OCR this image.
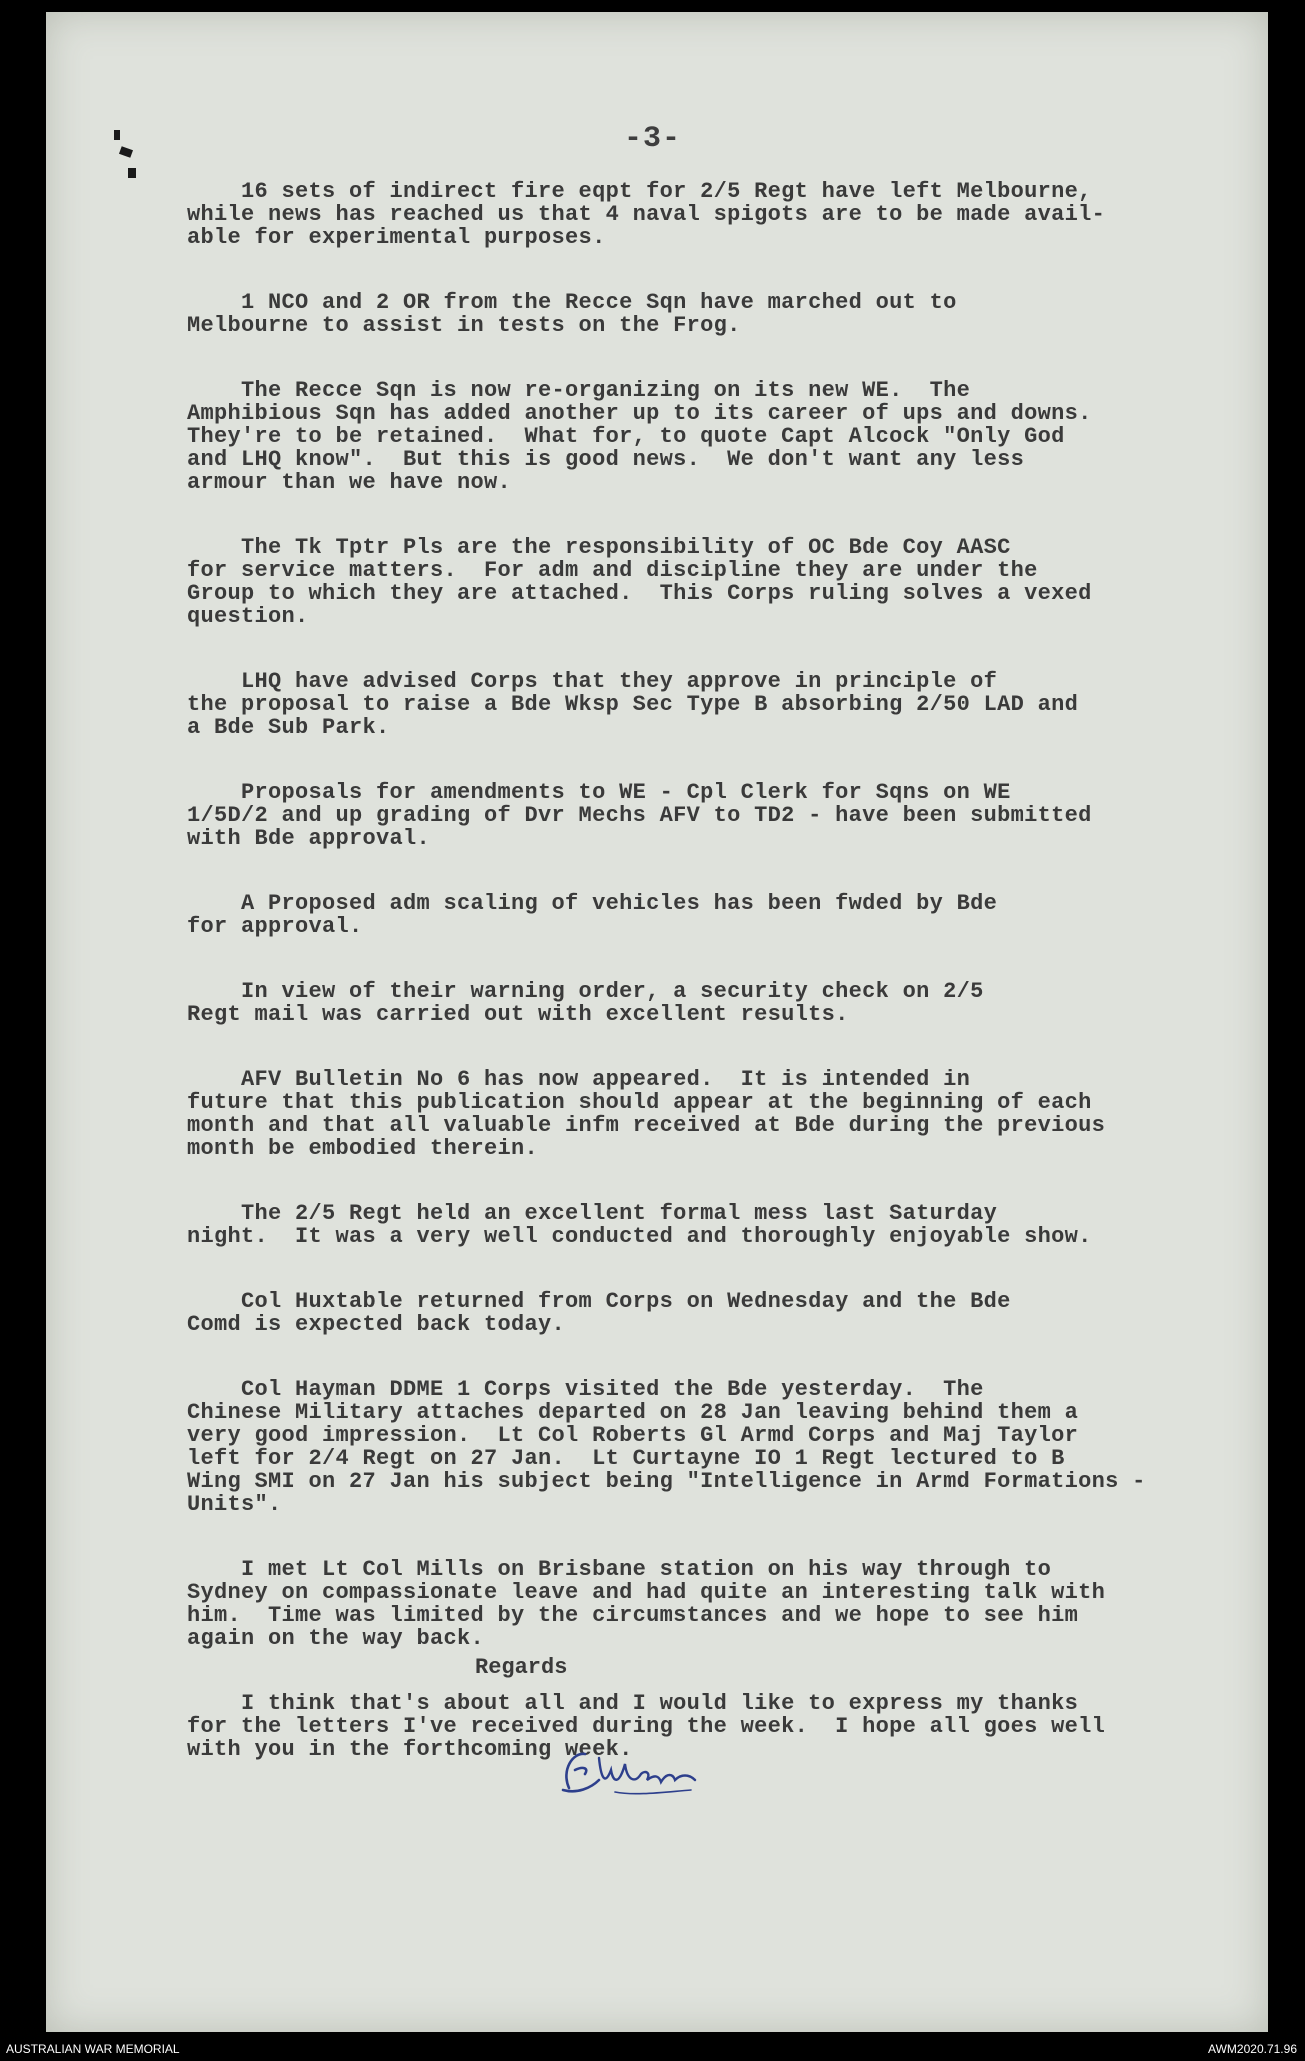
-3-

16 sets of indirect fire eqpt for 2/5 Regt have left Melbourne,
while news has reached us that 4 naval spigots are to be made avail-
able for experimental purposes.

1 NCO and 2 OR from the Recce Sqn have marched out to
Melbourne to assist in tests on the Frog.

The Recce Sqn is now re-organizing on its new WE.  The
Amphibious Sqn has added another up to its career of ups and downs.
They're to be retained.  What for, to quote Capt Alcock "Only God
and LHQ know".  But this is good news.  We don't want any less
armour than we have now.

The Tk Tptr Pls are the responsibility of OC Bde Coy AASC
for service matters.  For adm and discipline they are under the
Group to which they are attached.  This Corps ruling solves a vexed
question.

LHQ have advised Corps that they approve in principle of
the proposal to raise a Bde Wksp Sec Type B absorbing 2/50 LAD and
a Bde Sub Park.

Proposals for amendments to WE - Cpl Clerk for Sqns on WE
1/5D/2 and up grading of Dvr Mechs AFV to TD2 - have been submitted
with Bde approval.

A Proposed adm scaling of vehicles has been fwded by Bde
for approval.

In view of their warning order, a security check on 2/5
Regt mail was carried out with excellent results.

AFV Bulletin No 6 has now appeared.  It is intended in
future that this publication should appear at the beginning of each
month and that all valuable infm received at Bde during the previous
month be embodied therein.

The 2/5 Regt held an excellent formal mess last Saturday
night.  It was a very well conducted and thoroughly enjoyable show.

Col Huxtable returned from Corps on Wednesday and the Bde
Comd is expected back today.

Col Hayman DDME 1 Corps visited the Bde yesterday.  The
Chinese Military attaches departed on 28 Jan leaving behind them a
very good impression.  Lt Col Roberts Gl Armd Corps and Maj Taylor
left for 2/4 Regt on 27 Jan.  Lt Curtayne IO 1 Regt lectured to B
Wing SMI on 27 Jan his subject being "Intelligence in Armd Formations -
Units".

I met Lt Col Mills on Brisbane station on his way through to
Sydney on compassionate leave and had quite an interesting talk with
him.  Time was limited by the circumstances and we hope to see him
again on the way back.

I think that's about all and I would like to express my thanks
for the letters I've received during the week.  I hope all goes well
with you in the forthcoming week.

Regards
AUSTRALIAN WAR MEMORIAL	AWM2020.71.96
